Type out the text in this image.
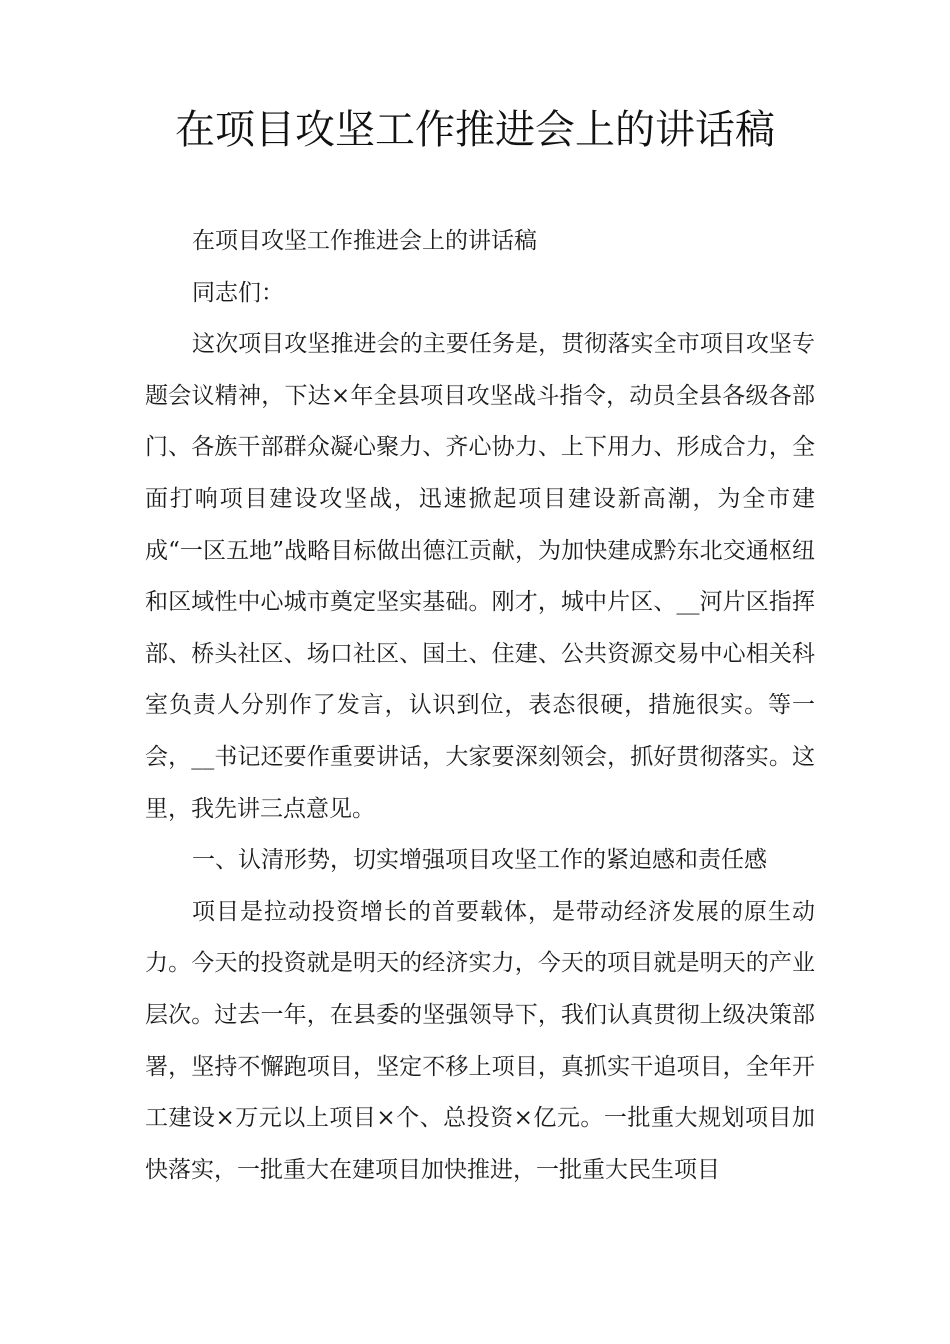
在项目攻坚工作推进会上的讲话稿

在项目攻坚工作推进会上的讲话稿

同志们：

这次项目攻坚推进会的主要任务是，贯彻落实全市项目攻坚专题会议精神，下达×年全县项目攻坚战斗指令，动员全县各级各部门、各族干部群众凝心聚力、齐心协力、上下用力、形成合力，全面打响项目建设攻坚战，迅速掀起项目建设新高潮，为全市建成“一区五地”战略目标做出德江贡献，为加快建成黔东北交通枢纽和区域性中心城市奠定坚实基础。刚才，城中片区、__河片区指挥部、桥头社区、场口社区、国土、住建、公共资源交易中心相关科室负责人分别作了发言，认识到位，表态很硬，措施很实。等一会，__书记还要作重要讲话，大家要深刻领会，抓好贯彻落实。这里，我先讲三点意见。

一、认清形势，切实增强项目攻坚工作的紧迫感和责任感

项目是拉动投资增长的首要载体，是带动经济发展的原生动力。今天的投资就是明天的经济实力，今天的项目就是明天的产业层次。过去一年，在县委的坚强领导下，我们认真贯彻上级决策部署，坚持不懈跑项目，坚定不移上项目，真抓实干追项目，全年开工建设×万元以上项目×个、总投资×亿元。一批重大规划项目加快落实，一批重大在建项目加快推进，一批重大民生项目
